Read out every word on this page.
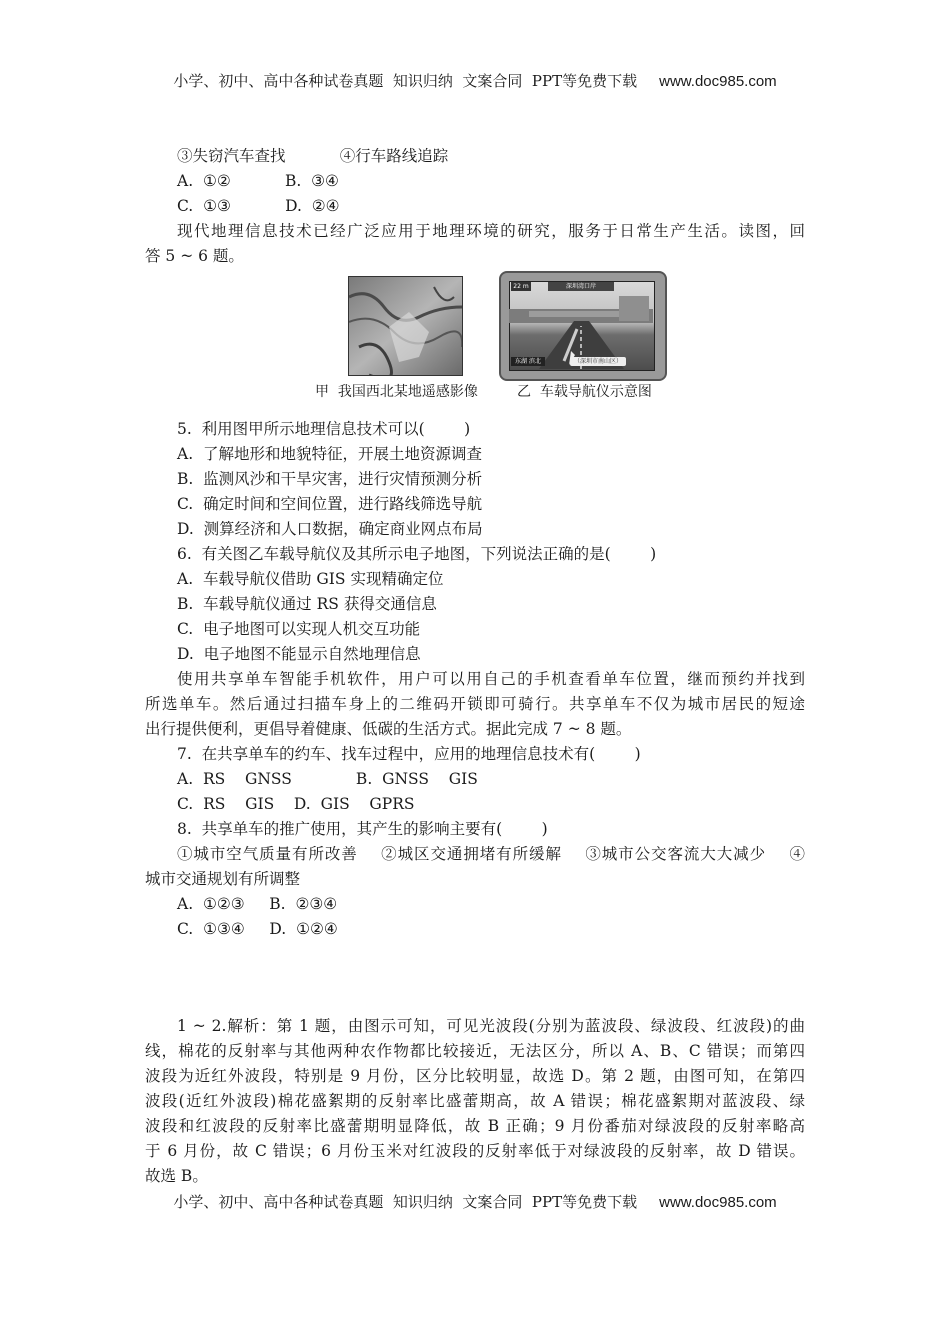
小学、初中、高中各种试卷真题  知识归纳  文案合同  PPT等免费下载 www.doc985.com
③失窃汽车查找           ④行车路线追踪
A.  ①②           B.  ③④
C.  ①③           D.  ②④
现代地理信息技术已经广泛应用于地理环境的研究，服务于日常生产生活。读图，回
答 5 ~ 6 题。
22 m	深圳湾口岸
东湖 滨北	（深圳市南山区）
甲  我国西北某地遥感影像	乙  车载导航仪示意图
5.  利用图甲所示地理信息技术可以(        )
A.  了解地形和地貌特征，开展土地资源调查
B.  监测风沙和干旱灾害，进行灾情预测分析
C.  确定时间和空间位置，进行路线筛选导航
D.  测算经济和人口数据，确定商业网点布局
6.  有关图乙车载导航仪及其所示电子地图，下列说法正确的是(        )
A.  车载导航仪借助 GIS 实现精确定位
B.  车载导航仪通过 RS 获得交通信息
C.  电子地图可以实现人机交互功能
D.  电子地图不能显示自然地理信息
使用共享单车智能手机软件，用户可以用自己的手机查看单车位置，继而预约并找到
所选单车。然后通过扫描车身上的二维码开锁即可骑行。共享单车不仅为城市居民的短途
出行提供便利，更倡导着健康、低碳的生活方式。据此完成 7 ~ 8 题。
7.  在共享单车的约车、找车过程中，应用的地理信息技术有(        )
A.  RS    GNSS             B.  GNSS    GIS
C.  RS    GIS    D.  GIS    GPRS
8.  共享单车的推广使用，其产生的影响主要有(        )
①城市空气质量有所改善    ②城区交通拥堵有所缓解    ③城市公交客流大大减少    ④
城市交通规划有所调整
A.  ①②③     B.  ②③④
C.  ①③④     D.  ①②④
1 ~ 2.解析：第 1 题，由图示可知，可见光波段(分别为蓝波段、绿波段、红波段)的曲
线，棉花的反射率与其他两种农作物都比较接近，无法区分，所以 A、B、C 错误；而第四
波段为近红外波段，特别是 9 月份，区分比较明显，故选 D。第 2 题，由图可知，在第四
波段(近红外波段)棉花盛絮期的反射率比盛蕾期高，故 A 错误；棉花盛絮期对蓝波段、绿
波段和红波段的反射率比盛蕾期明显降低，故 B 正确；9 月份番茄对绿波段的反射率略高
于 6 月份，故 C 错误；6 月份玉米对红波段的反射率低于对绿波段的反射率，故 D 错误。
故选 B。
小学、初中、高中各种试卷真题  知识归纳  文案合同  PPT等免费下载 www.doc985.com
